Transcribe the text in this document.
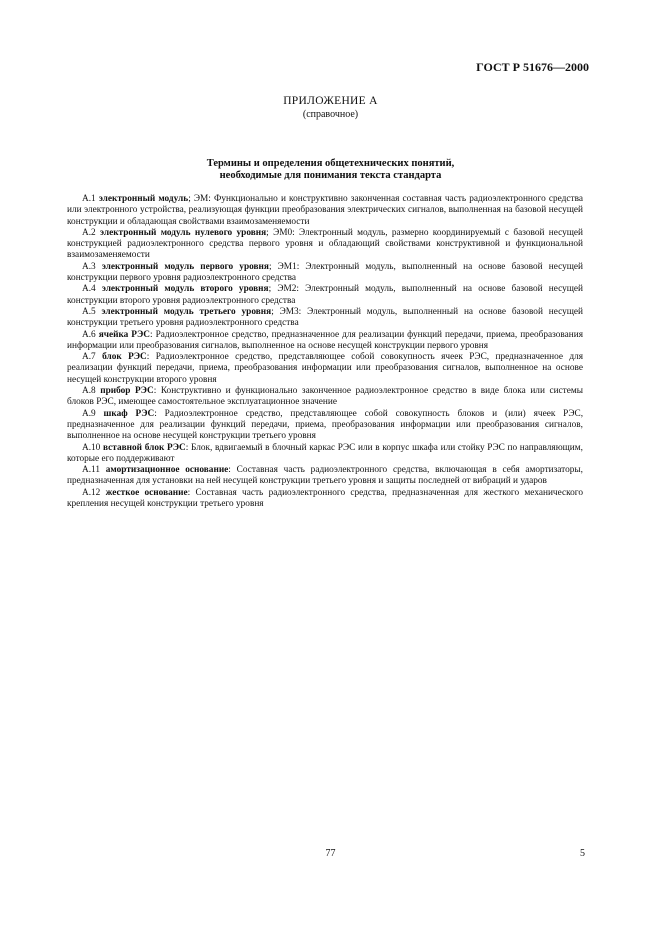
ГОСТ Р 51676—2000
ПРИЛОЖЕНИЕ А
(справочное)
Термины и определения общетехнических понятий,
необходимые для понимания текста стандарта

А.1 электронный модуль; ЭМ: Функционально и конструктивно законченная составная часть радиоэлектронного средства или электронного устройства, реализующая функции преобразования электрических сигналов, выполненная на базовой несущей конструкции и обладающая свойствами взаимозаменяемости

А.2 электронный модуль нулевого уровня; ЭМ0: Электронный модуль, размерно координируемый с базовой несущей конструкцией радиоэлектронного средства первого уровня и обладающий свойствами конструктивной и функциональной взаимозаменяемости

А.3 электронный модуль первого уровня; ЭМ1: Электронный модуль, выполненный на основе базовой несущей конструкции первого уровня радиоэлектронного средства

А.4 электронный модуль второго уровня; ЭМ2: Электронный модуль, выполненный на основе базовой несущей конструкции второго уровня радиоэлектронного средства

А.5 электронный модуль третьего уровня; ЭМ3: Электронный модуль, выполненный на основе базовой несущей конструкции третьего уровня радиоэлектронного средства

А.6 ячейка РЭС: Радиоэлектронное средство, предназначенное для реализации функций передачи, приема, преобразования информации или преобразования сигналов, выполненное на основе несущей конструкции первого уровня

А.7 блок РЭС: Радиоэлектронное средство, представляющее собой совокупность ячеек РЭС, предназначенное для реализации функций передачи, приема, преобразования информации или преобразования сигналов, выполненное на основе несущей конструкции второго уровня

А.8 прибор РЭС: Конструктивно и функционально законченное радиоэлектронное средство в виде блока или системы блоков РЭС, имеющее самостоятельное эксплуатационное значение

А.9 шкаф РЭС: Радиоэлектронное средство, представляющее собой совокупность блоков и (или) ячеек РЭС, предназначенное для реализации функций передачи, приема, преобразования информации или преобразования сигналов, выполненное на основе несущей конструкции третьего уровня

А.10 вставной блок РЭС: Блок, вдвигаемый в блочный каркас РЭС или в корпус шкафа или стойку РЭС по направляющим, которые его поддерживают

А.11 амортизационное основание: Составная часть радиоэлектронного средства, включающая в себя амортизаторы, предназначенная для установки на ней несущей конструкции третьего уровня и защиты последней от вибраций и ударов

А.12 жесткое основание: Составная часть радиоэлектронного средства, предназначенная для жесткого механического крепления несущей конструкции третьего уровня

77	5
